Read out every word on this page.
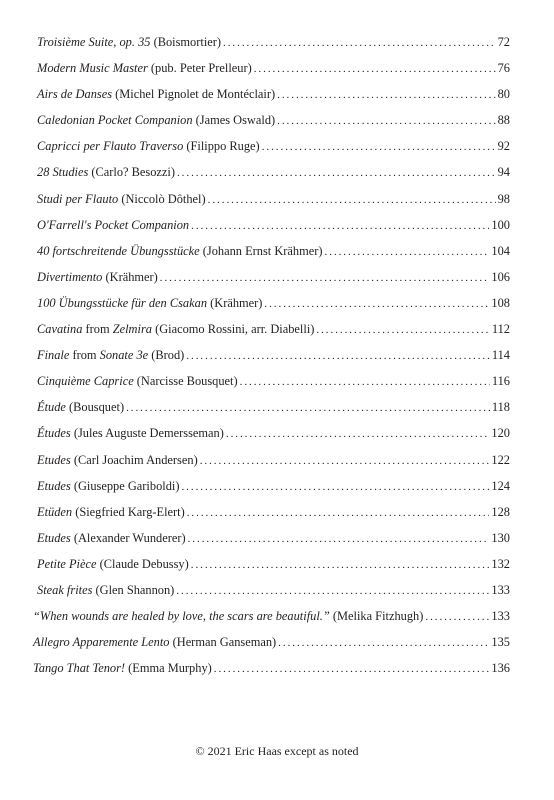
Troisième Suite, op. 35 (Boismortier) . . .	72
Modern Music Master (pub. Peter Prelleur) . . .	76
Airs de Danses (Michel Pignolet de Montéclair) . . .	80
Caledonian Pocket Companion (James Oswald) . . .	88
Capricci per Flauto Traverso (Filippo Ruge) . . .	92
28 Studies (Carlo? Besozzi) . . .	94
Studi per Flauto (Niccolò Dôthel) . . .	98
O'Farrell's Pocket Companion . . .	100
40 fortschreitende Übungsstücke (Johann Ernst Krähmer) . . .	104
Divertimento (Krähmer) . . .	106
100 Übungsstücke für den Csakan (Krähmer) . . .	108
Cavatina from Zelmira (Giacomo Rossini, arr. Diabelli) . . .	112
Finale from Sonate 3e (Brod) . . .	114
Cinquième Caprice (Narcisse Bousquet) . . .	116
Étude (Bousquet) . . .	118
Études (Jules Auguste Demersseman) . . .	120
Etudes (Carl Joachim Andersen) . . .	122
Etudes (Giuseppe Gariboldi) . . .	124
Etüden (Siegfried Karg-Elert) . . .	128
Etudes (Alexander Wunderer) . . .	130
Petite Pièce (Claude Debussy) . . .	132
Steak frites (Glen Shannon) . . .	133
“When wounds are healed by love, the scars are beautiful.” (Melika Fitzhugh) . . .	133
Allegro Apparemente Lento (Herman Ganseman) . . .	135
Tango That Tenor! (Emma Murphy) . . .	136
© 2021 Eric Haas except as noted
